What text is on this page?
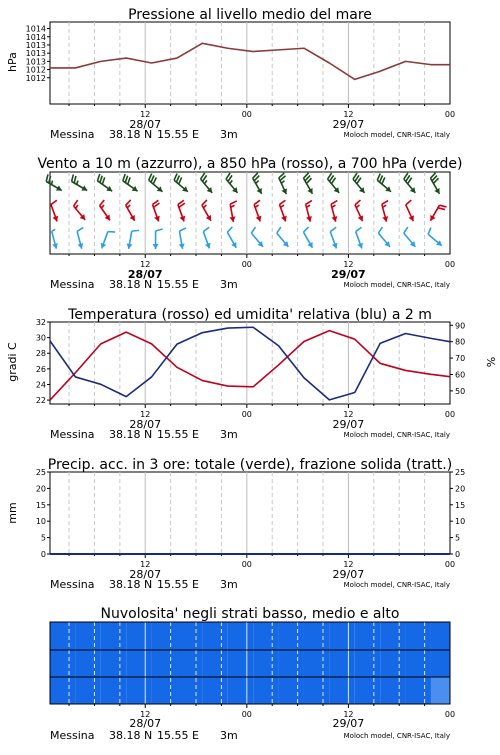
Pressione al livello medio del mare
hPa
1014
1014
1013
1013
1013
1012
1012
12	00	12	00
28/07	29/07
Messina 38.18 N 15.55 E 3m	Moloch model, CNR-ISAC, Italy
Vento a 10 m (azzurro), a 850 hPa (rosso), a 700 hPa (verde)
12	00	12	00
28/07	29/07
Messina 38.18 N 15.55 E 3m	Moloch model, CNR-ISAC, Italy
Temperatura (rosso) ed umidita' relativa (blu) a 2 m
gradi C	%
22
24
26
28
30
32
50
60
70
80
90
12	00	12	00
28/07	29/07
Messina 38.18 N 15.55 E 3m	Moloch model, CNR-ISAC, Italy
Precip. acc. in 3 ore: totale (verde), frazione solida (tratt.)
mm
0
5
10
15
20
25
0
5
10
15
20
25
12	00	12	00
28/07	29/07
Messina 38.18 N 15.55 E 3m	Moloch model, CNR-ISAC, Italy
Nuvolosita' negli strati basso, medio e alto
12	00	12	00
28/07	29/07
Messina 38.18 N 15.55 E 3m	Moloch model, CNR-ISAC, Italy
